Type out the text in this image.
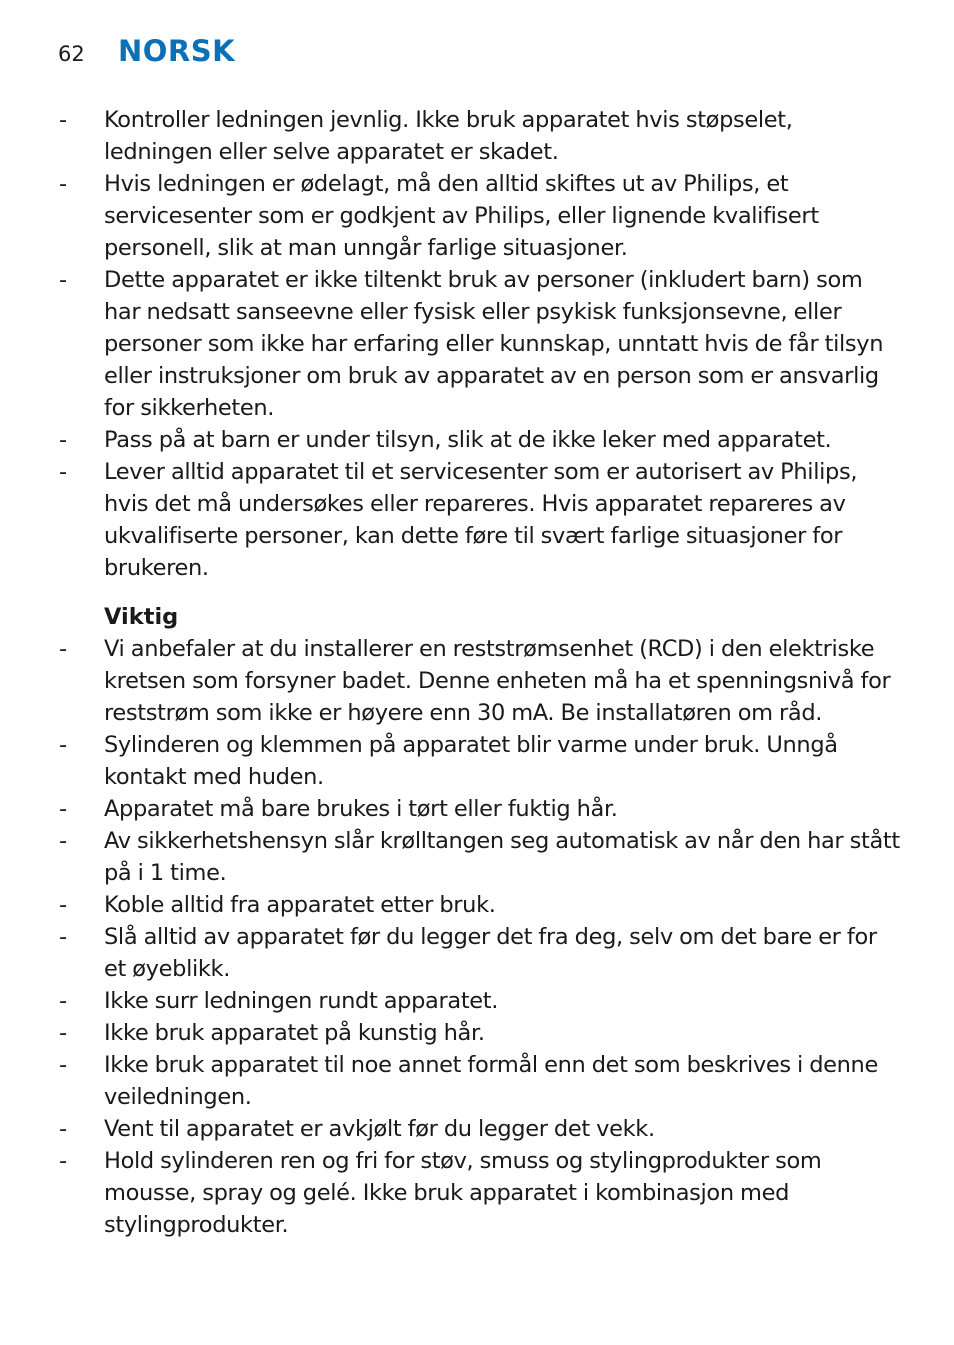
62	NORSK
- Kontroller ledningen jevnlig. Ikke bruk apparatet hvis støpselet, ledningen eller selve apparatet er skadet.
- Hvis ledningen er ødelagt, må den alltid skiftes ut av Philips, et servicesenter som er godkjent av Philips, eller lignende kvalifisert personell, slik at man unngår farlige situasjoner.
- Dette apparatet er ikke tiltenkt bruk av personer (inkludert barn) som har nedsatt sanseevne eller fysisk eller psykisk funksjonsevne, eller personer som ikke har erfaring eller kunnskap, unntatt hvis de får tilsyn eller instruksjoner om bruk av apparatet av en person som er ansvarlig for sikkerheten.
- Pass på at barn er under tilsyn, slik at de ikke leker med apparatet.
- Lever alltid apparatet til et servicesenter som er autorisert av Philips, hvis det må undersøkes eller repareres. Hvis apparatet repareres av ukvalifiserte personer, kan dette føre til svært farlige situasjoner for brukeren.
Viktig
- Vi anbefaler at du installerer en reststrømsenhet (RCD) i den elektriske kretsen som forsyner badet. Denne enheten må ha et spenningsnivå for reststrøm som ikke er høyere enn 30 mA. Be installatøren om råd.
- Sylinderen og klemmen på apparatet blir varme under bruk. Unngå kontakt med huden.
- Apparatet må bare brukes i tørt eller fuktig hår.
- Av sikkerhetshensyn slår krølltangen seg automatisk av når den har stått på i 1 time.
- Koble alltid fra apparatet etter bruk.
- Slå alltid av apparatet før du legger det fra deg, selv om det bare er for et øyeblikk.
- Ikke surr ledningen rundt apparatet.
- Ikke bruk apparatet på kunstig hår.
- Ikke bruk apparatet til noe annet formål enn det som beskrives i denne veiledningen.
- Vent til apparatet er avkjølt før du legger det vekk.
- Hold sylinderen ren og fri for støv, smuss og stylingprodukter som mousse, spray og gelé. Ikke bruk apparatet i kombinasjon med stylingprodukter.
